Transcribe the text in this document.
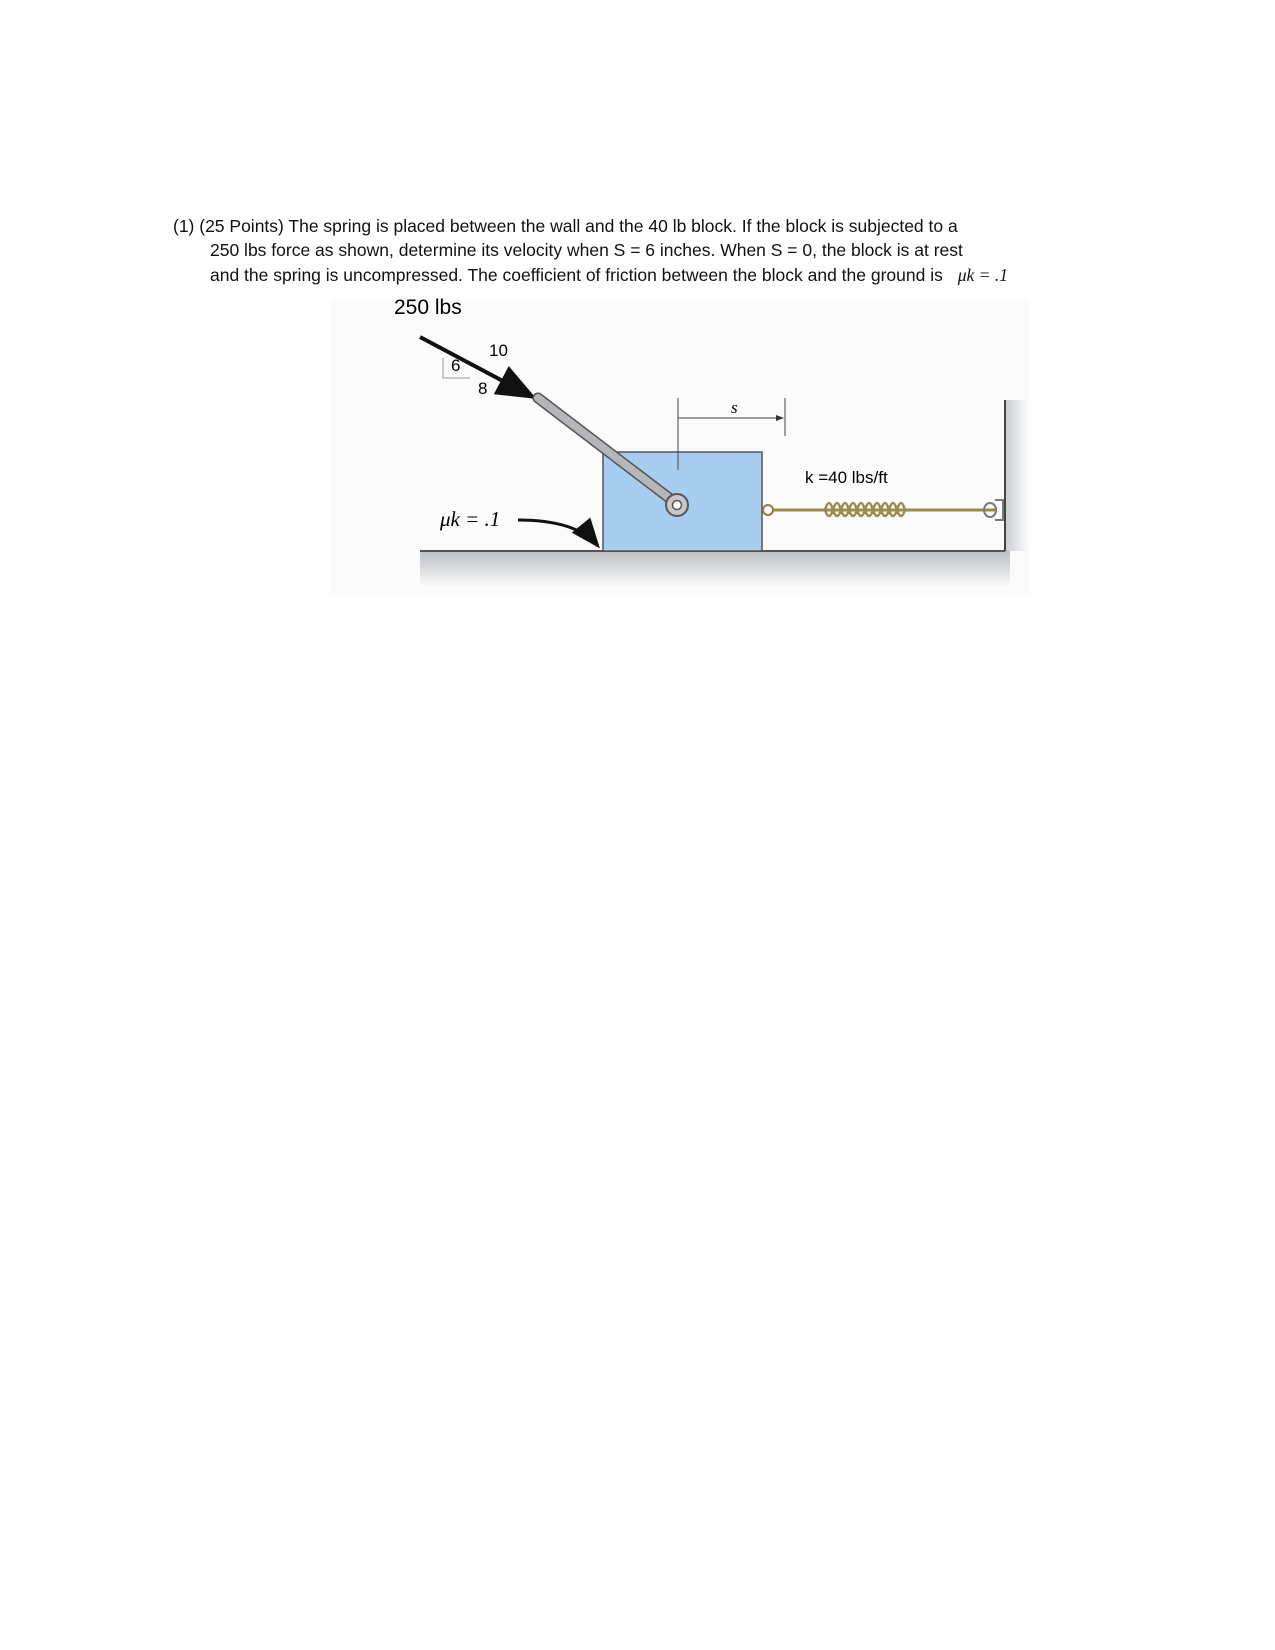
(1) (25 Points) The spring is placed between the wall and the 40 lb block. If the block is subjected to a
250 lbs force as shown, determine its velocity when S = 6 inches. When S = 0, the block is at rest
and the spring is uncompressed. The coefficient of friction between the block and the ground is μk = .1
250 lbs
10
6
8
s
k =40 lbs/ft
μk = .1
